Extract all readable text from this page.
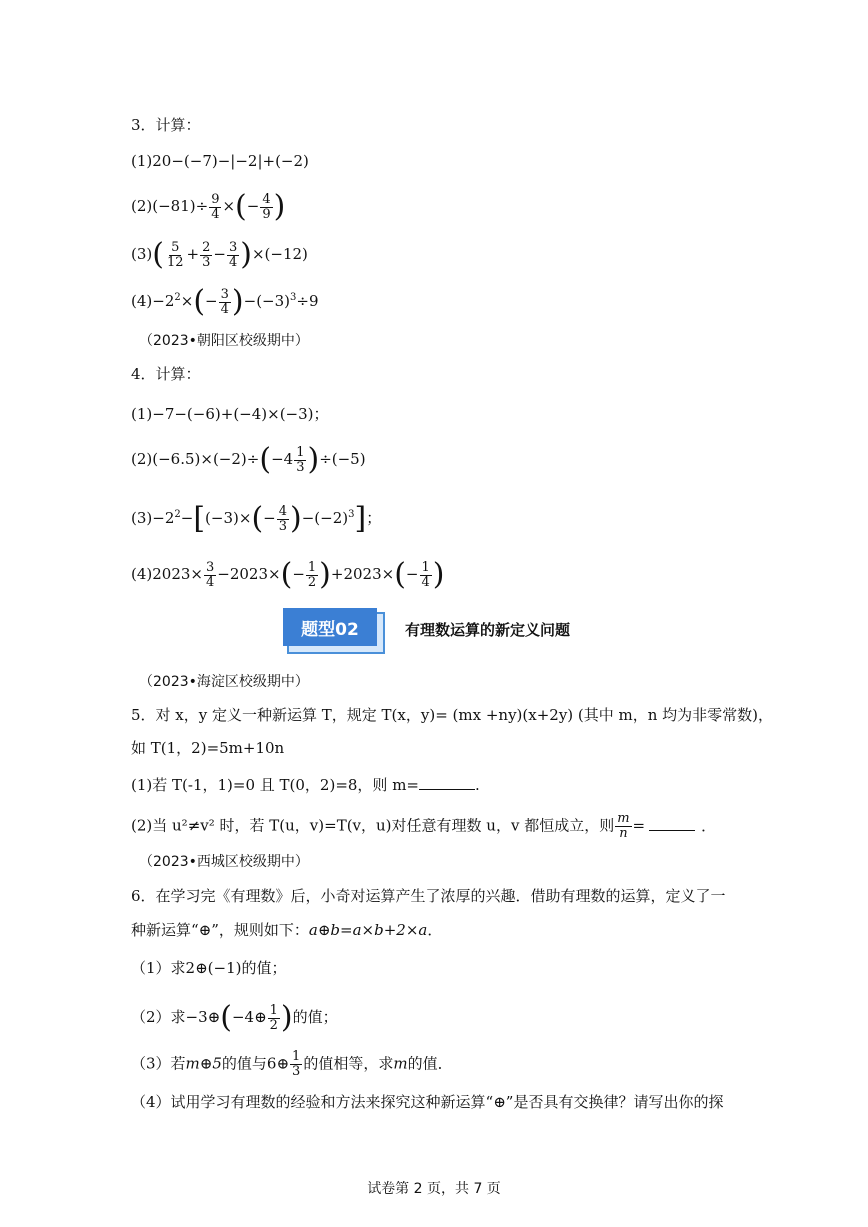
3．计算：
(1)20−(−7)−|−2|+(−2)
$(2)(-81)\div \frac{9}{4}$ ×(− $\frac{4}{9}$ )
$(3)( \frac{5}{12} + \frac{2}{3} - \frac{3}{4} )\times(-12)$
$(4)-2^2\times(- \frac{3}{4} )-(-3)^3\div 9$
（2023•朝阳区校级期中）
4．计算：
(1)−7−(−6)+(−4)×(−3)；
$(2)(-6.5)\times(-2)\div(-4 \frac{1}{3} )\div(-5)$
$(3)-2^2-[(-3)\times(- \frac{4}{3} )-(-2)^3]$；
$(4)2023\times \frac{3}{4} -2023\times(- \frac{1}{2} )+2023\times(- \frac{1}{4}$ )
题型02	有理数运算的新定义问题
（2023•海淀区校级期中）
5．对 x，y 定义一种新运算 T，规定 T(x，y)= (mx +ny)(x+2y) (其中 m，n 均为非零常数)，
如 T(1，2)=5m+10n
(1)若 T(-1，1)=0 且 T(0，2)=8，则 m=	.
(2)当 u²≠v² 时，若 T(u，v)=T(v，u)对任意有理数 u，v 都恒成立，则 $\frac{m}{n}$ =	．
（2023•西城区校级期中）
6．在学习完《有理数》后，小奇对运算产生了浓厚的兴趣．借助有理数的运算，定义了一
种新运算“⊕”，规则如下：a⊕b=a×b+2×a．
（1）求2⊕(−1)的值；
（2）求−3⊕(−4⊕ $\frac{1}{2}$ )的值；
（3）若m⊕5的值与6⊕ $\frac{1}{3}$ 的值相等，求m的值．
（4）试用学习有理数的经验和方法来探究这种新运算“⊕”是否具有交换律？请写出你的探
试卷第 2 页，共 7 页
